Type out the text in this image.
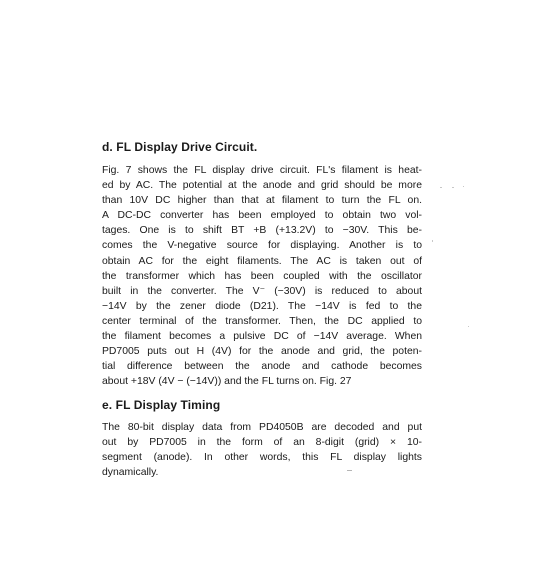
d. FL Display Drive Circuit.
Fig. 7 shows the FL display drive circuit. FL's filament is heat-
ed by AC. The potential at the anode and grid should be more
than 10V DC higher than that at filament to turn the FL on.
A DC-DC converter has been employed to obtain two vol-
tages. One is to shift BT +B (+13.2V) to −30V. This be-
comes the V-negative source for displaying. Another is to
obtain AC for the eight filaments. The AC is taken out of
the transformer which has been coupled with the oscillator
built in the converter. The V⁻ (−30V) is reduced to about
−14V by the zener diode (D21). The −14V is fed to the
center terminal of the transformer. Then, the DC applied to
the filament becomes a pulsive DC of −14V average. When
PD7005 puts out H (4V) for the anode and grid, the poten-
tial difference between the anode and cathode becomes
about +18V (4V − (−14V)) and the FL turns on. Fig. 27
e. FL Display Timing
The 80-bit display data from PD4050B are decoded and put
out by PD7005 in the form of an 8-digit (grid) × 10-
segment (anode). In other words, this FL display lights
dynamically.
